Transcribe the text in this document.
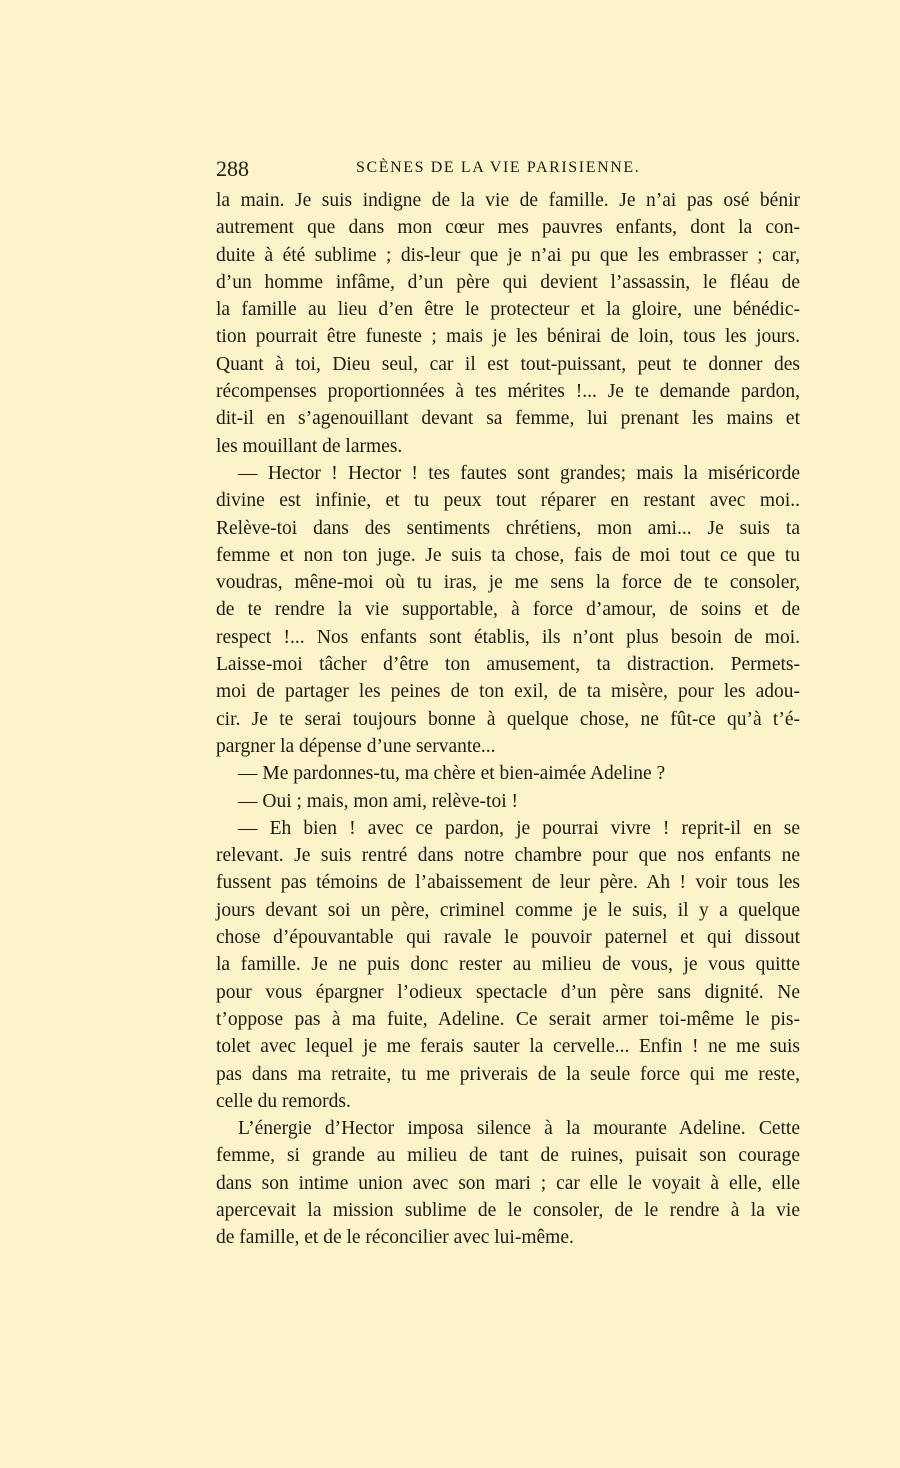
288	SCÈNES DE LA VIE PARISIENNE.
la main. Je suis indigne de la vie de famille. Je n’ai pas osé bénir
autrement que dans mon cœur mes pauvres enfants, dont la con-
duite à été sublime ; dis-leur que je n’ai pu que les embrasser ; car,
d’un homme infâme, d’un père qui devient l’assassin, le fléau de
la famille au lieu d’en être le protecteur et la gloire, une bénédic-
tion pourrait être funeste ; mais je les bénirai de loin, tous les jours.
Quant à toi, Dieu seul, car il est tout-puissant, peut te donner des
récompenses proportionnées à tes mérites !... Je te demande pardon,
dit-il en s’agenouillant devant sa femme, lui prenant les mains et
les mouillant de larmes.
— Hector ! Hector ! tes fautes sont grandes; mais la miséricorde
divine est infinie, et tu peux tout réparer en restant avec moi..
Relève-toi dans des sentiments chrétiens, mon ami... Je suis ta
femme et non ton juge. Je suis ta chose, fais de moi tout ce que tu
voudras, mêne-moi où tu iras, je me sens la force de te consoler,
de te rendre la vie supportable, à force d’amour, de soins et de
respect !... Nos enfants sont établis, ils n’ont plus besoin de moi.
Laisse-moi tâcher d’être ton amusement, ta distraction. Permets-
moi de partager les peines de ton exil, de ta misère, pour les adou-
cir. Je te serai toujours bonne à quelque chose, ne fût-ce qu’à t’é-
pargner la dépense d’une servante...
— Me pardonnes-tu, ma chère et bien-aimée Adeline ?
— Oui ; mais, mon ami, relève-toi !
— Eh bien ! avec ce pardon, je pourrai vivre ! reprit-il en se
relevant. Je suis rentré dans notre chambre pour que nos enfants ne
fussent pas témoins de l’abaissement de leur père. Ah ! voir tous les
jours devant soi un père, criminel comme je le suis, il y a quelque
chose d’épouvantable qui ravale le pouvoir paternel et qui dissout
la famille. Je ne puis donc rester au milieu de vous, je vous quitte
pour vous épargner l’odieux spectacle d’un père sans dignité. Ne
t’oppose pas à ma fuite, Adeline. Ce serait armer toi-même le pis-
tolet avec lequel je me ferais sauter la cervelle... Enfin ! ne me suis
pas dans ma retraite, tu me priverais de la seule force qui me reste,
celle du remords.
L’énergie d’Hector imposa silence à la mourante Adeline. Cette
femme, si grande au milieu de tant de ruines, puisait son courage
dans son intime union avec son mari ; car elle le voyait à elle, elle
apercevait la mission sublime de le consoler, de le rendre à la vie
de famille, et de le réconcilier avec lui-même.
